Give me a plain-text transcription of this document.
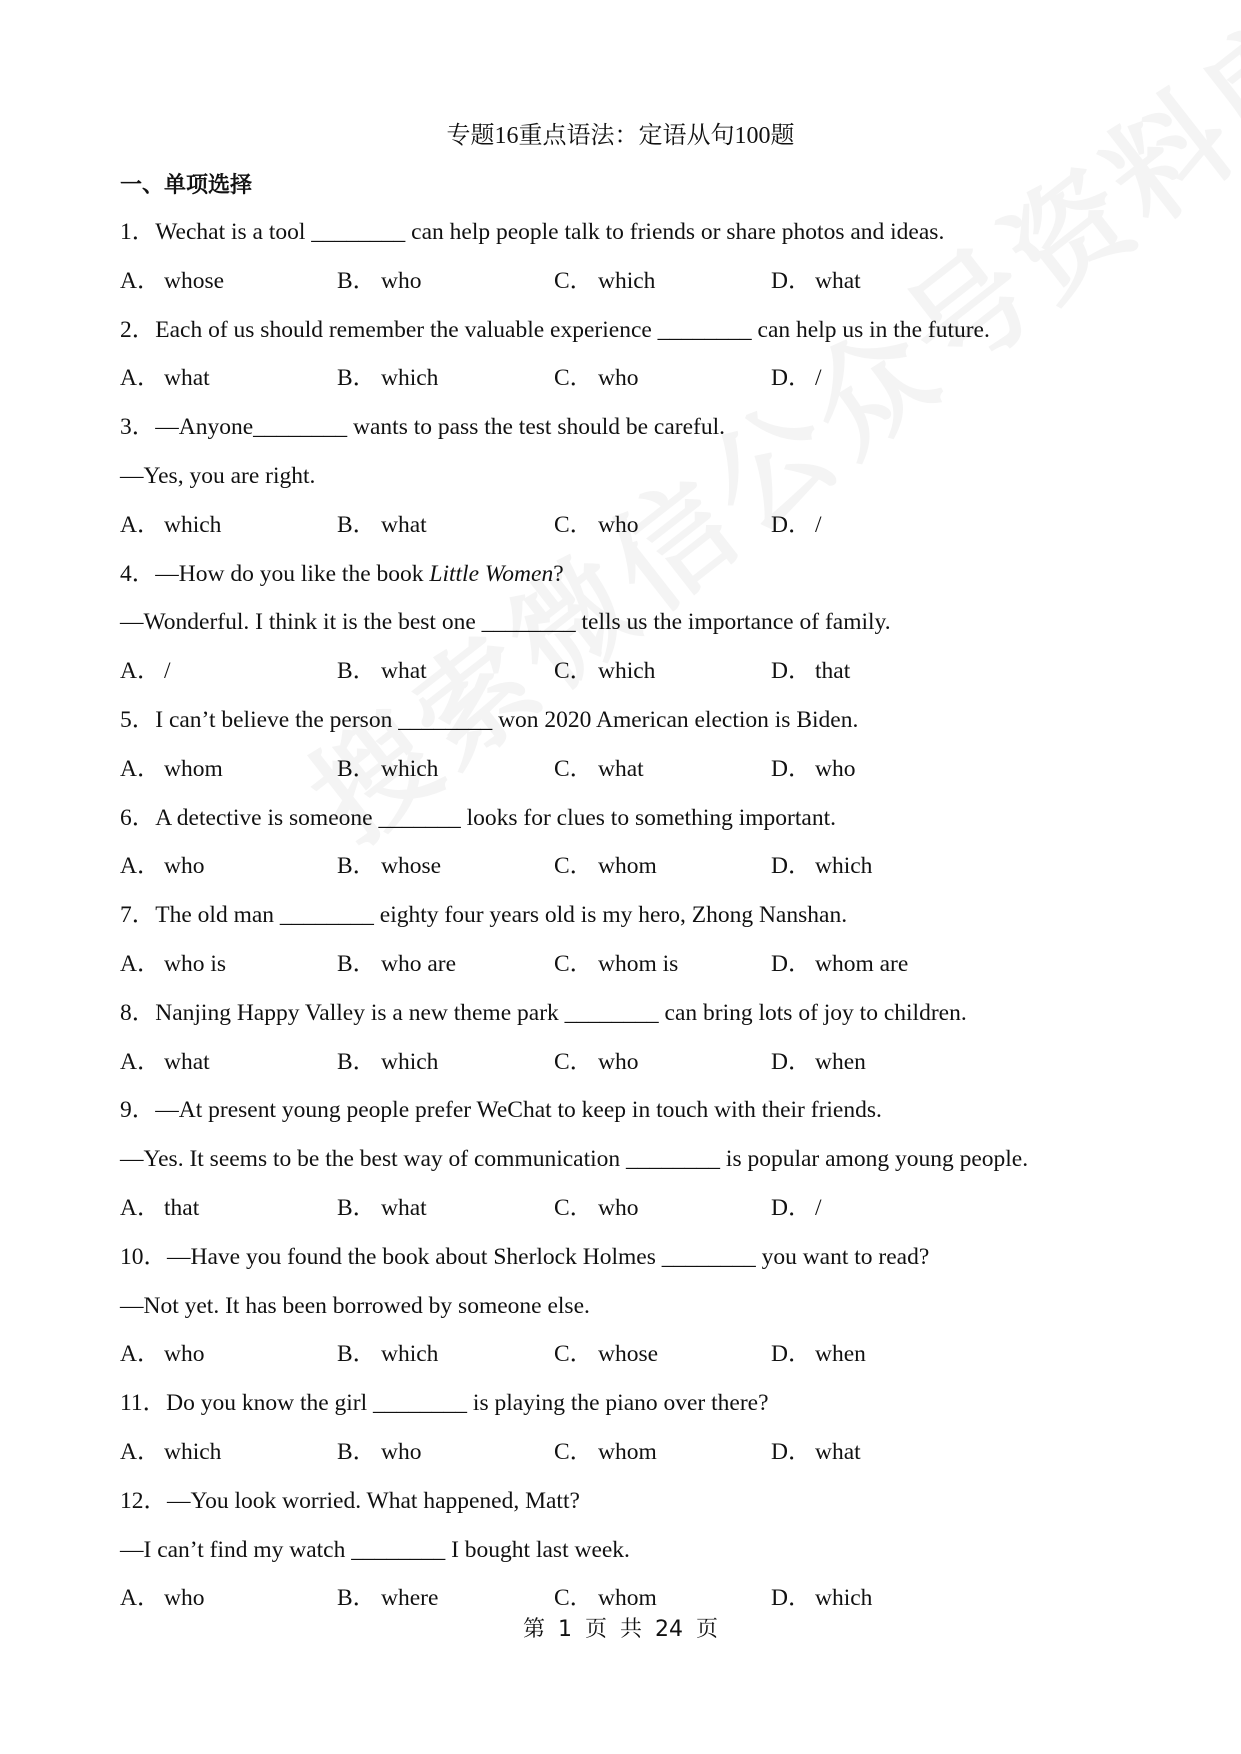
专题16重点语法：定语从句100题
一、单项选择
1．Wechat is a tool ________ can help people talk to friends or share photos and ideas.
A． whose	B． who	C． which	D． what
2．Each of us should remember the valuable experience ________ can help us in the future.
A． what	B． which	C． who	D． /
3．—Anyone________ wants to pass the test should be careful.
—Yes, you are right.
A． which	B． what	C． who	D． /
4．—How do you like the book Little Women?
—Wonderful. I think it is the best one ________ tells us the importance of family.
A． /	B． what	C． which	D． that
5．I can’t believe the person ________ won 2020 American election is Biden.
A． whom	B． which	C． what	D． who
6．A detective is someone _______ looks for clues to something important.
A． who	B． whose	C． whom	D． which
7．The old man ________ eighty four years old is my hero, Zhong Nanshan.
A． who is	B． who are	C． whom is	D． whom are
8．Nanjing Happy Valley is a new theme park ________ can bring lots of joy to children.
A． what	B． which	C． who	D． when
9．—At present young people prefer WeChat to keep in touch with their friends.
—Yes. It seems to be the best way of communication ________ is popular among young people.
A． that	B． what	C． who	D． /
10．—Have you found the book about Sherlock Holmes ________ you want to read?
—Not yet. It has been borrowed by someone else.
A． who	B． which	C． whose	D． when
11．Do you know the girl ________ is playing the piano over there?
A． which	B． who	C． whom	D． what
12．—You look worried. What happened, Matt?
—I can’t find my watch ________ I bought last week.
A． who	B． where	C． whom	D． which
第 1 页 共 24 页
